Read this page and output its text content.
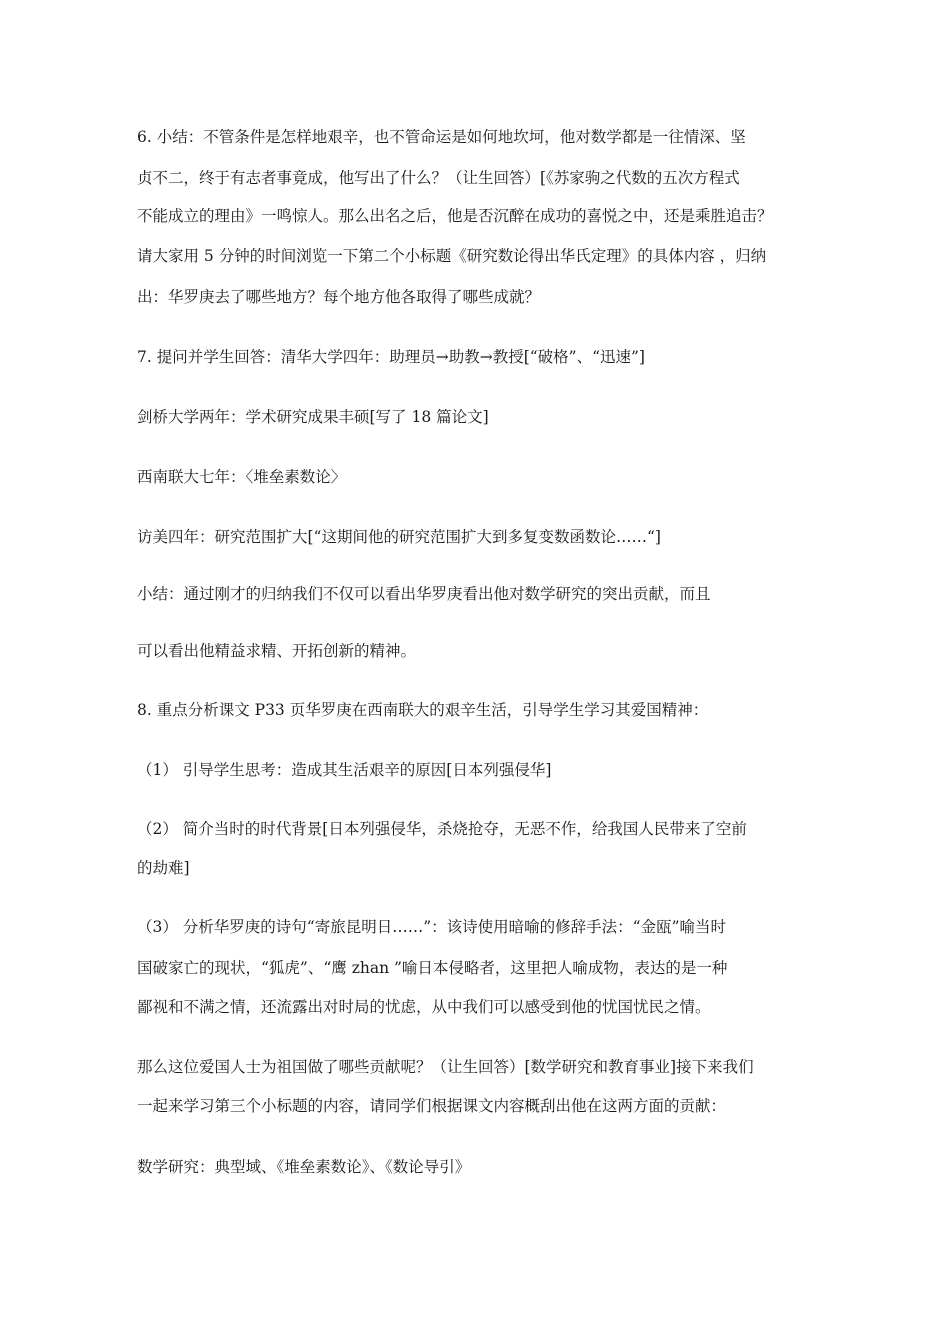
6. 小结：不管条件是怎样地艰辛，也不管命运是如何地坎坷，他对数学都是一往情深、坚

贞不二，终于有志者事竟成，他写出了什么？（让生回答）[《苏家驹之代数的五次方程式

不能成立的理由》一鸣惊人。那么出名之后，他是否沉醉在成功的喜悦之中，还是乘胜追击？

请大家用 5 分钟的时间浏览一下第二个小标题《研究数论得出华氏定理》的具体内容 ，归纳

出：华罗庚去了哪些地方？每个地方他各取得了哪些成就？

7. 提问并学生回答：清华大学四年：助理员→助教→教授[“破格”、“迅速”]

剑桥大学两年：学术研究成果丰硕[写了 18 篇论文]

西南联大七年：〈堆垒素数论〉

访美四年：研究范围扩大[“这期间他的研究范围扩大到多复变数函数论……“]

小结：通过刚才的归纳我们不仅可以看出华罗庚看出他对数学研究的突出贡献，而且

可以看出他精益求精、开拓创新的精神。

8. 重点分析课文 P33 页华罗庚在西南联大的艰辛生活，引导学生学习其爱国精神：

（1） 引导学生思考：造成其生活艰辛的原因[日本列强侵华]

（2） 简介当时的时代背景[日本列强侵华，杀烧抢夺，无恶不作，给我国人民带来了空前

的劫难]

（3） 分析华罗庚的诗句“寄旅昆明日……”：该诗使用暗喻的修辞手法：“金瓯”喻当时

国破家亡的现状，“狐虎”、“鹰 zhan ”喻日本侵略者，这里把人喻成物，表达的是一种

鄙视和不满之情，还流露出对时局的忧虑，从中我们可以感受到他的忧国忧民之情。

那么这位爱国人士为祖国做了哪些贡献呢？（让生回答）[数学研究和教育事业]接下来我们

一起来学习第三个小标题的内容，请同学们根据课文内容概刮出他在这两方面的贡献：

数学研究：典型域、《堆垒素数论》、《数论导引》
